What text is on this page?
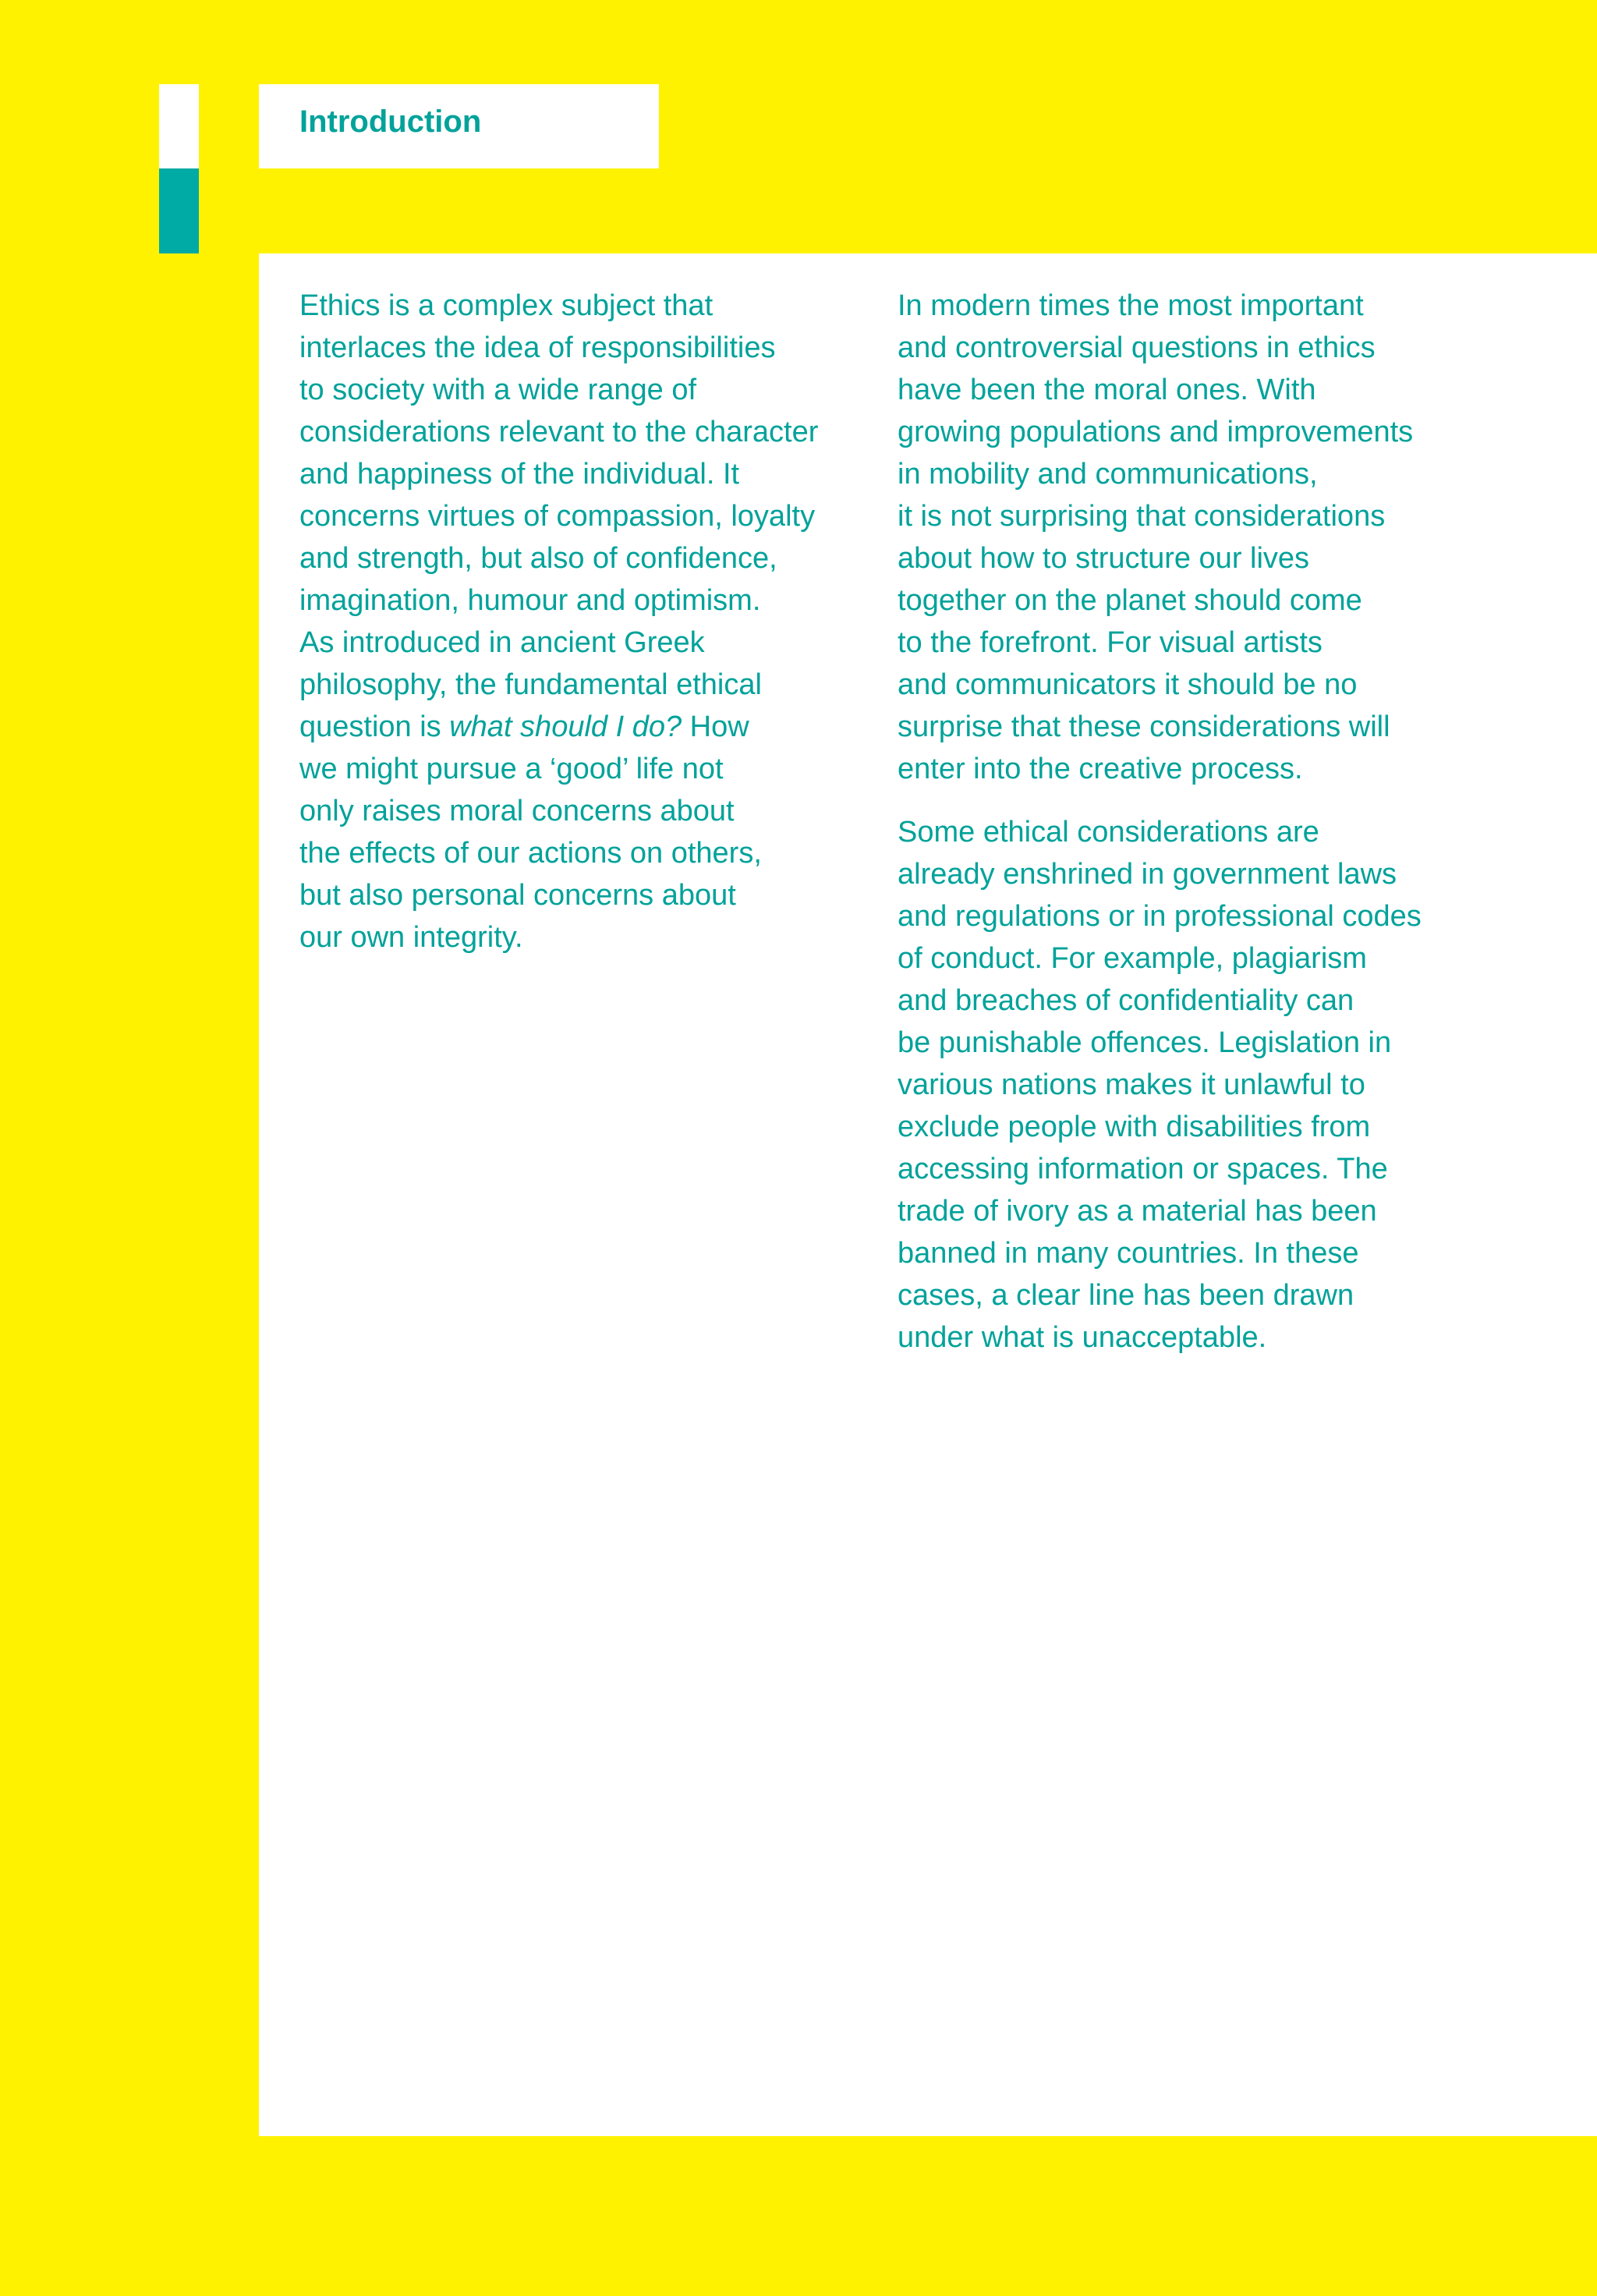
Introduction

Ethics is a complex subject that
interlaces the idea of responsibilities
to society with a wide range of
considerations relevant to the character
and happiness of the individual. It
concerns virtues of compassion, loyalty
and strength, but also of confidence,
imagination, humour and optimism.
As introduced in ancient Greek
philosophy, the fundamental ethical
question is what should I do? How
we might pursue a ‘good’ life not
only raises moral concerns about
the effects of our actions on others,
but also personal concerns about
our own integrity.

In modern times the most important
and controversial questions in ethics
have been the moral ones. With
growing populations and improvements
in mobility and communications,
it is not surprising that considerations
about how to structure our lives
together on the planet should come
to the forefront. For visual artists
and communicators it should be no
surprise that these considerations will
enter into the creative process.

Some ethical considerations are
already enshrined in government laws
and regulations or in professional codes
of conduct. For example, plagiarism
and breaches of confidentiality can
be punishable offences. Legislation in
various nations makes it unlawful to
exclude people with disabilities from
accessing information or spaces. The
trade of ivory as a material has been
banned in many countries. In these
cases, a clear line has been drawn
under what is unacceptable.
